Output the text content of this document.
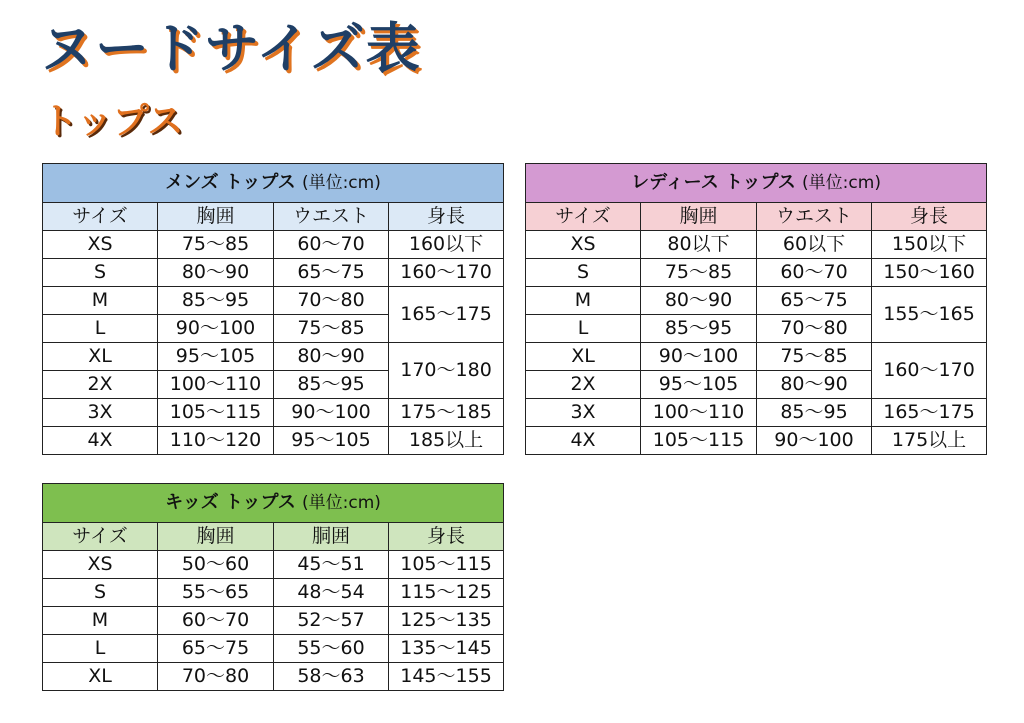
ヌードサイズ表
トップス
メンズ トップス (単位:cm)			
サイズ	胸囲	ウエスト	身長
XS	75〜85	60〜70	160以下
S	80〜90	65〜75	160〜170
M	85〜95	70〜80	165〜175
L	90〜100	75〜85	
XL	95〜105	80〜90	170〜180
2X	100〜110	85〜95	
3X	105〜115	90〜100	175〜185
4X	110〜120	95〜105	185以上
レディース トップス (単位:cm)			
サイズ	胸囲	ウエスト	身長
XS	80以下	60以下	150以下
S	75〜85	60〜70	150〜160
M	80〜90	65〜75	155〜165
L	85〜95	70〜80	
XL	90〜100	75〜85	160〜170
2X	95〜105	80〜90	
3X	100〜110	85〜95	165〜175
4X	105〜115	90〜100	175以上
キッズ トップス (単位:cm)			
サイズ	胸囲	胴囲	身長
XS	50〜60	45〜51	105〜115
S	55〜65	48〜54	115〜125
M	60〜70	52〜57	125〜135
L	65〜75	55〜60	135〜145
XL	70〜80	58〜63	145〜155
